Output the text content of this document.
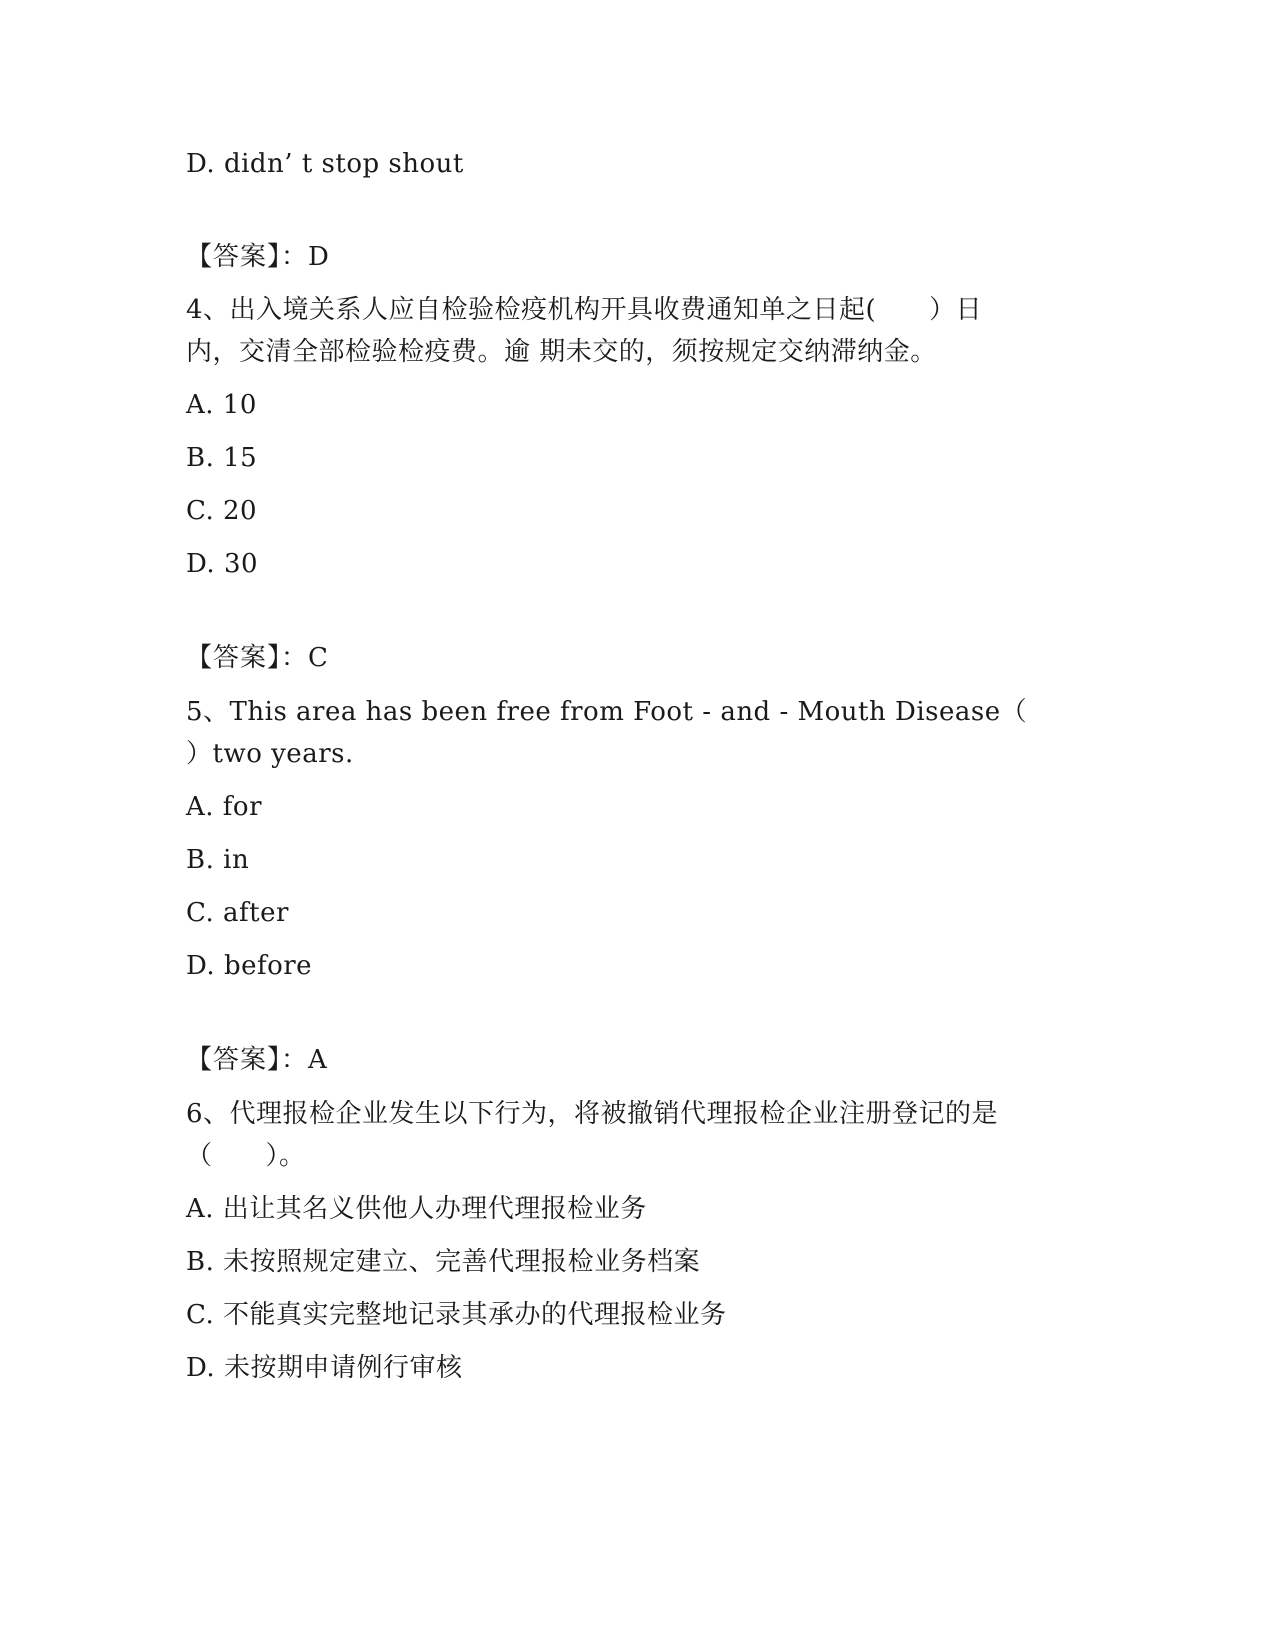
D. didn’ t stop shout
【答案】：D
4、出入境关系人应自检验检疫机构开具收费通知单之日起(　　）日
内，交清全部检验检疫费。逾 期未交的，须按规定交纳滞纳金。
A. 10
B. 15
C. 20
D. 30
【答案】：C
5、This area has been free from Foot - and - Mouth Disease（
）two years.
A. for
B. in
C. after
D. before
【答案】：A
6、代理报检企业发生以下行为，将被撤销代理报检企业注册登记的是
（　　）。
A. 出让其名义供他人办理代理报检业务
B. 未按照规定建立、完善代理报检业务档案
C. 不能真实完整地记录其承办的代理报检业务
D. 未按期申请例行审核
